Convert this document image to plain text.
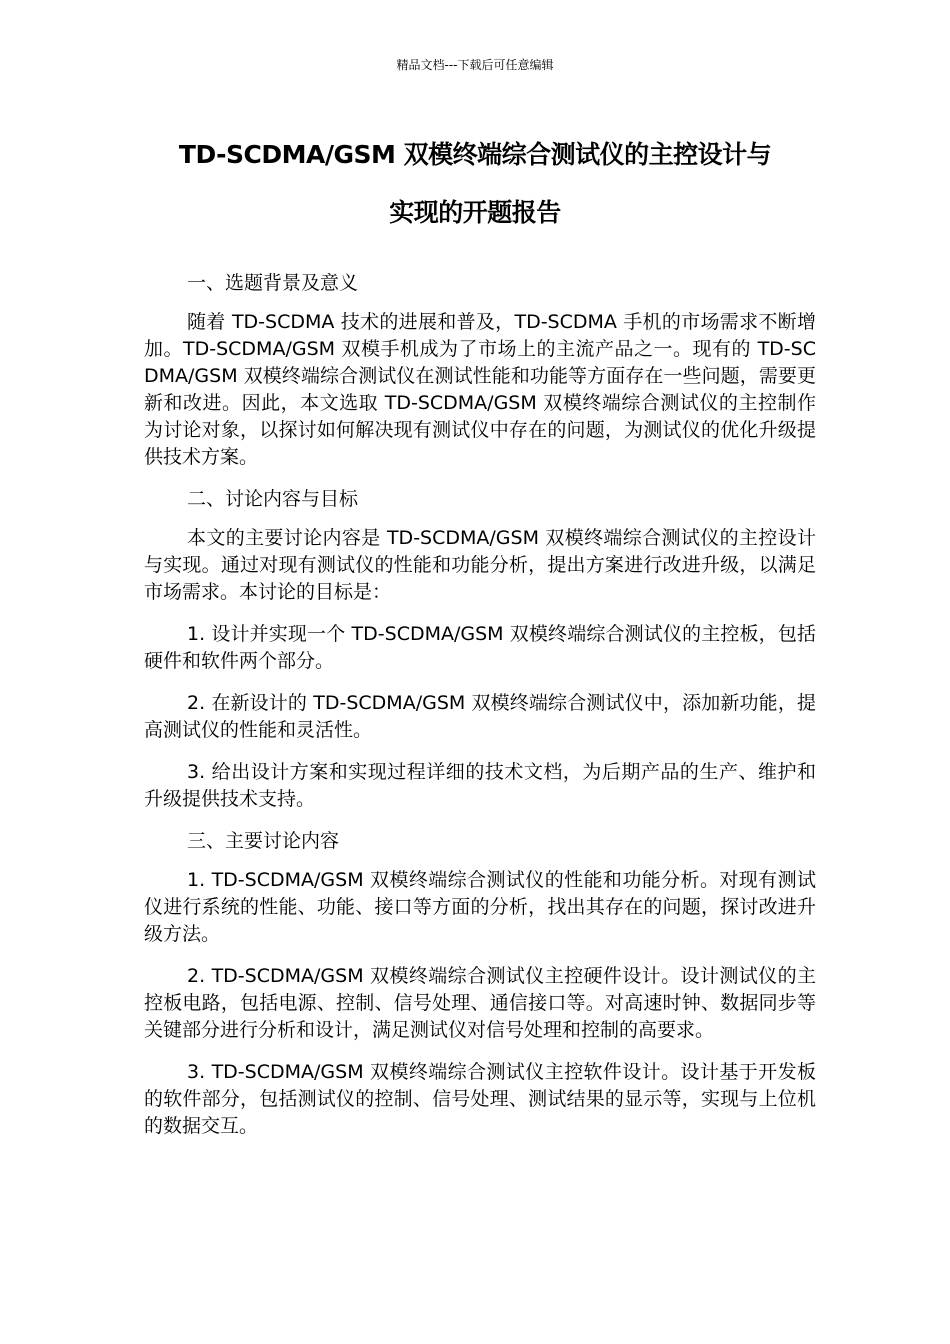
精品文档---下载后可任意编辑
TD-SCDMA/GSM 双模终端综合测试仪的主控设计与
实现的开题报告

一、选题背景及意义

随着 TD-SCDMA 技术的进展和普及，TD-SCDMA 手机的市场需求不断增加。TD-SCDMA/GSM 双模手机成为了市场上的主流产品之一。现有的 TD-SCDMA/GSM 双模终端综合测试仪在测试性能和功能等方面存在一些问题，需要更新和改进。因此，本文选取 TD-SCDMA/GSM 双模终端综合测试仪的主控制作为讨论对象，以探讨如何解决现有测试仪中存在的问题，为测试仪的优化升级提供技术方案。

二、讨论内容与目标

本文的主要讨论内容是 TD-SCDMA/GSM 双模终端综合测试仪的主控设计与实现。通过对现有测试仪的性能和功能分析，提出方案进行改进升级，以满足市场需求。本讨论的目标是：

1. 设计并实现一个 TD-SCDMA/GSM 双模终端综合测试仪的主控板，包括硬件和软件两个部分。

2. 在新设计的 TD-SCDMA/GSM 双模终端综合测试仪中，添加新功能，提高测试仪的性能和灵活性。

3. 给出设计方案和实现过程详细的技术文档，为后期产品的生产、维护和升级提供技术支持。

三、主要讨论内容

1. TD-SCDMA/GSM 双模终端综合测试仪的性能和功能分析。对现有测试仪进行系统的性能、功能、接口等方面的分析，找出其存在的问题，探讨改进升级方法。

2. TD-SCDMA/GSM 双模终端综合测试仪主控硬件设计。设计测试仪的主控板电路，包括电源、控制、信号处理、通信接口等。对高速时钟、数据同步等关键部分进行分析和设计，满足测试仪对信号处理和控制的高要求。

3. TD-SCDMA/GSM 双模终端综合测试仪主控软件设计。设计基于开发板的软件部分，包括测试仪的控制、信号处理、测试结果的显示等，实现与上位机的数据交互。
